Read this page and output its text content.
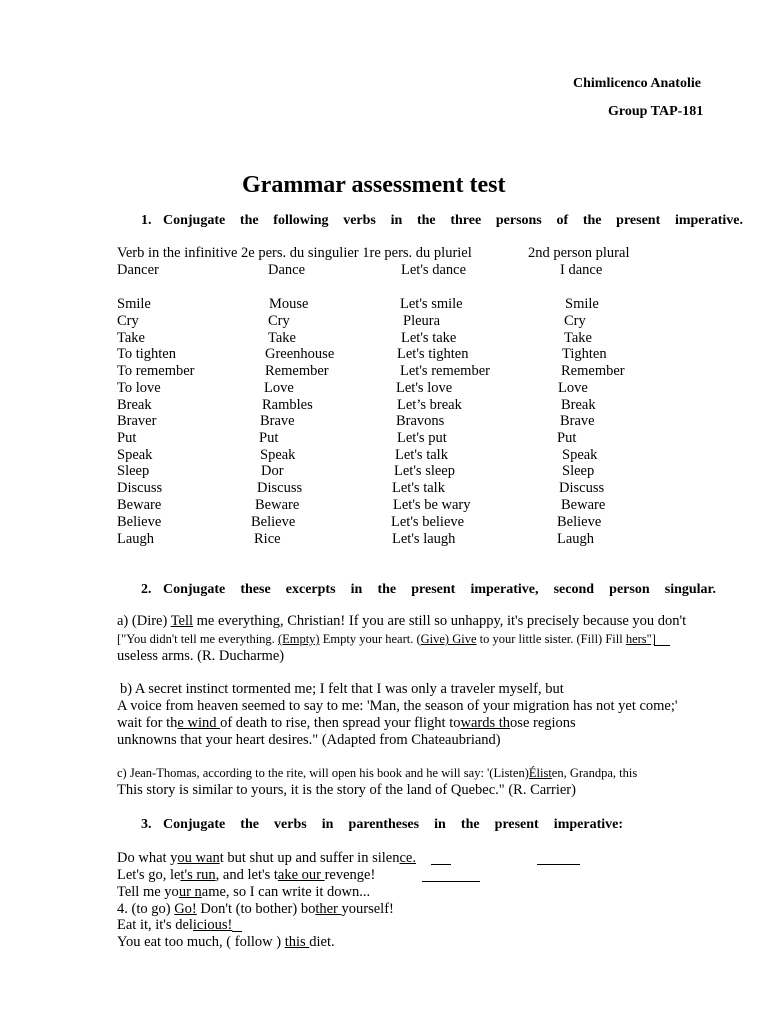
Chimlicenco Anatolie
Group TAP-181
Grammar assessment test
1. Conjugate the following verbs in the three persons of the present imperative.
Verb in the infinitive 2e pers. du singulier 1re pers. du pluriel	2nd person plural
Dancer	Dance	Let's dance	I dance
Smile	Mouse	Let's smile	Smile
Cry	Cry	Pleura	Cry
Take	Take	Let's take	Take
To tighten	Greenhouse	Let's tighten	Tighten
To remember	Remember	Let's remember	Remember
To love	Love	Let's love	Love
Break	Rambles	Let’s break	Break
Braver	Brave	Bravons	Brave
Put	Put	Let's put	Put
Speak	Speak	Let's talk	Speak
Sleep	Dor	Let's sleep	Sleep
Discuss	Discuss	Let's talk	Discuss
Beware	Beware	Let's be wary	Beware
Believe	Believe	Let's believe	Believe
Laugh	Rice	Let's laugh	Laugh
2. Conjugate these excerpts in the present imperative, second person singular.
a) (Dire) Tell me everything, Christian! If you are still so unhappy, it's precisely because you don't
["You didn't tell me everything. (Empty) Empty your heart. (Give) Give to your little sister. (Fill) Fill hers"]
useless arms. (R. Ducharme)
b) A secret instinct tormented me; I felt that I was only a traveler myself, but
A voice from heaven seemed to say to me: 'Man, the season of your migration has not yet come;'
wait for the wind of death to rise, then spread your flight towards those regions
unknowns that your heart desires." (Adapted from Chateaubriand)
c) Jean-Thomas, according to the rite, will open his book and he will say: '(Listen)Élisten, Grandpa, this
This story is similar to yours, it is the story of the land of Quebec." (R. Carrier)
3. Conjugate the verbs in parentheses in the present imperative:
Do what you want but shut up and suffer in silence.
Let's go, let's run, and let's take our revenge!
Tell me your name, so I can write it down...
4. (to go) Go! Don't (to bother) bother yourself!
Eat it, it's delicious!
You eat too much, ( follow ) this diet.
